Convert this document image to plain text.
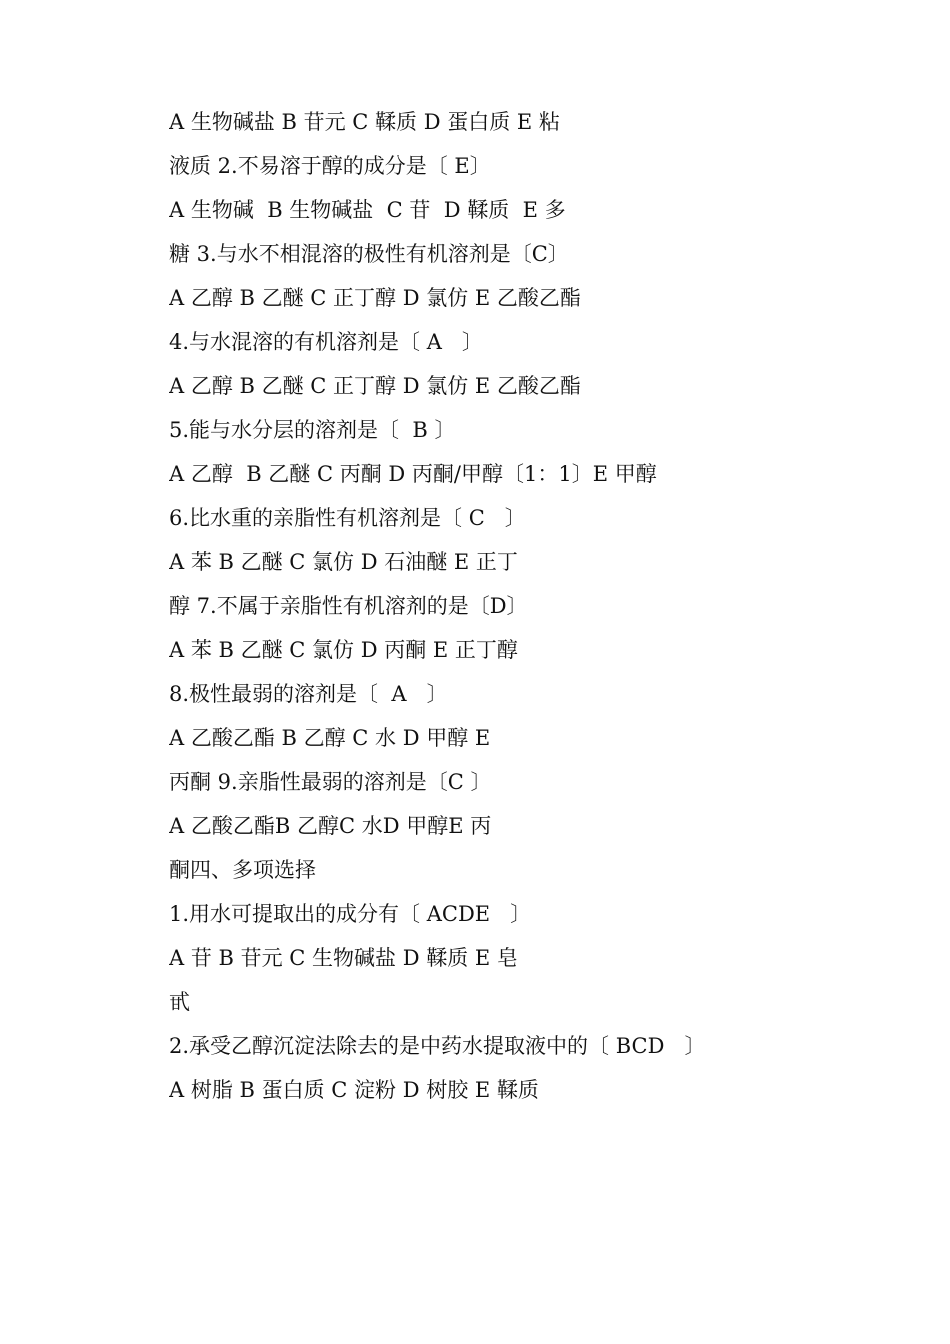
A 生物碱盐 B 苷元 C 鞣质 D 蛋白质 E 粘
液质 2.不易溶于醇的成分是〔 E〕
A 生物碱  B 生物碱盐  C 苷  D 鞣质  E 多
糖 3.与水不相混溶的极性有机溶剂是〔C〕
A 乙醇 B 乙醚 C 正丁醇 D 氯仿 E 乙酸乙酯
4.与水混溶的有机溶剂是〔 A   〕
A 乙醇 B 乙醚 C 正丁醇 D 氯仿 E 乙酸乙酯
5.能与水分层的溶剂是〔  B 〕
A 乙醇  B 乙醚 C 丙酮 D 丙酮/甲醇〔1：1〕E 甲醇
6.比水重的亲脂性有机溶剂是〔 C   〕
A 苯 B 乙醚 C 氯仿 D 石油醚 E 正丁
醇 7.不属于亲脂性有机溶剂的是〔D〕
A 苯 B 乙醚 C 氯仿 D 丙酮 E 正丁醇
8.极性最弱的溶剂是〔  A   〕
A 乙酸乙酯 B 乙醇 C 水 D 甲醇 E
丙酮 9.亲脂性最弱的溶剂是〔C 〕
A 乙酸乙酯B 乙醇C 水D 甲醇E 丙
酮四、多项选择
1.用水可提取出的成分有〔 ACDE   〕
A 苷 B 苷元 C 生物碱盐 D 鞣质 E 皂
甙
2.承受乙醇沉淀法除去的是中药水提取液中的〔 BCD   〕
A 树脂 B 蛋白质 C 淀粉 D 树胶 E 鞣质
